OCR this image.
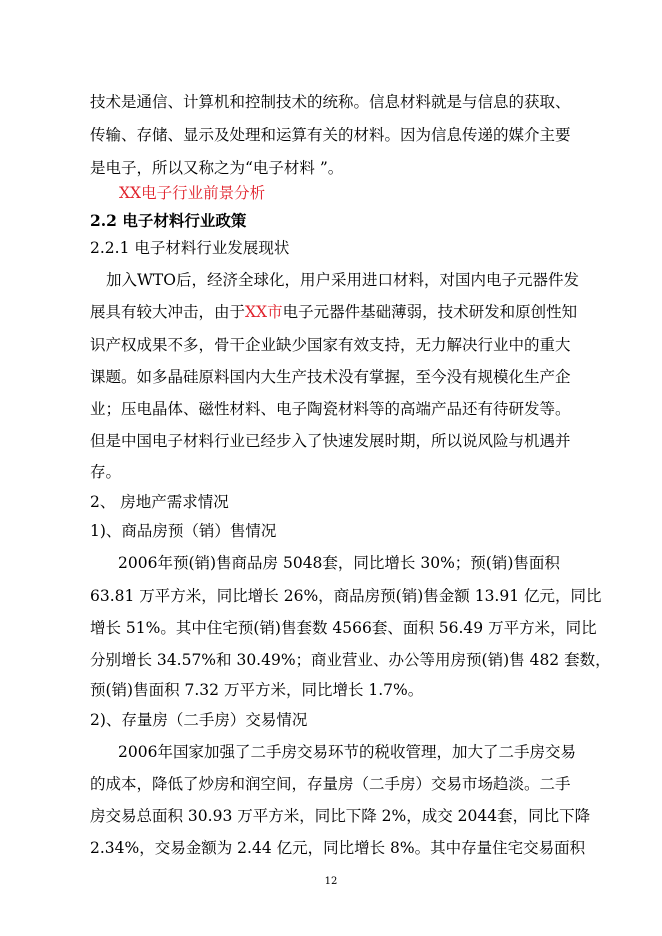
技术是通信、计算机和控制技术的统称。信息材料就是与信息的获取、
传输、存储、显示及处理和运算有关的材料。因为信息传递的媒介主要
是电子，所以又称之为“电子材料 ”。
XX电子行业前景分析
2.2 电子材料行业政策
2.2.1 电子材料行业发展现状
加入WTO后，经济全球化，用户采用进口材料，对国内电子元器件发
展具有较大冲击，由于XX市电子元器件基础薄弱，技术研发和原创性知
识产权成果不多，骨干企业缺少国家有效支持，无力解决行业中的重大
课题。如多晶硅原料国内大生产技术没有掌握，至今没有规模化生产企
业；压电晶体、磁性材料、电子陶瓷材料等的高端产品还有待研发等。
但是中国电子材料行业已经步入了快速发展时期，所以说风险与机遇并
存。
2、 房地产需求情况
1)、商品房预（销）售情况
2006年预(销)售商品房 5048套，同比增长 30%；预(销)售面积
63.81 万平方米，同比增长 26%，商品房预(销)售金额 13.91 亿元，同比
增长 51%。其中住宅预(销)售套数 4566套、面积 56.49 万平方米，同比
分别增长 34.57%和 30.49%；商业营业、办公等用房预(销)售 482 套数，
预(销)售面积 7.32 万平方米，同比增长 1.7%。
2)、存量房（二手房）交易情况
2006年国家加强了二手房交易环节的税收管理，加大了二手房交易
的成本，降低了炒房和润空间，存量房（二手房）交易市场趋淡。二手
房交易总面积 30.93 万平方米，同比下降 2%，成交 2044套，同比下降
2.34%，交易金额为 2.44 亿元，同比增长 8%。其中存量住宅交易面积
12
